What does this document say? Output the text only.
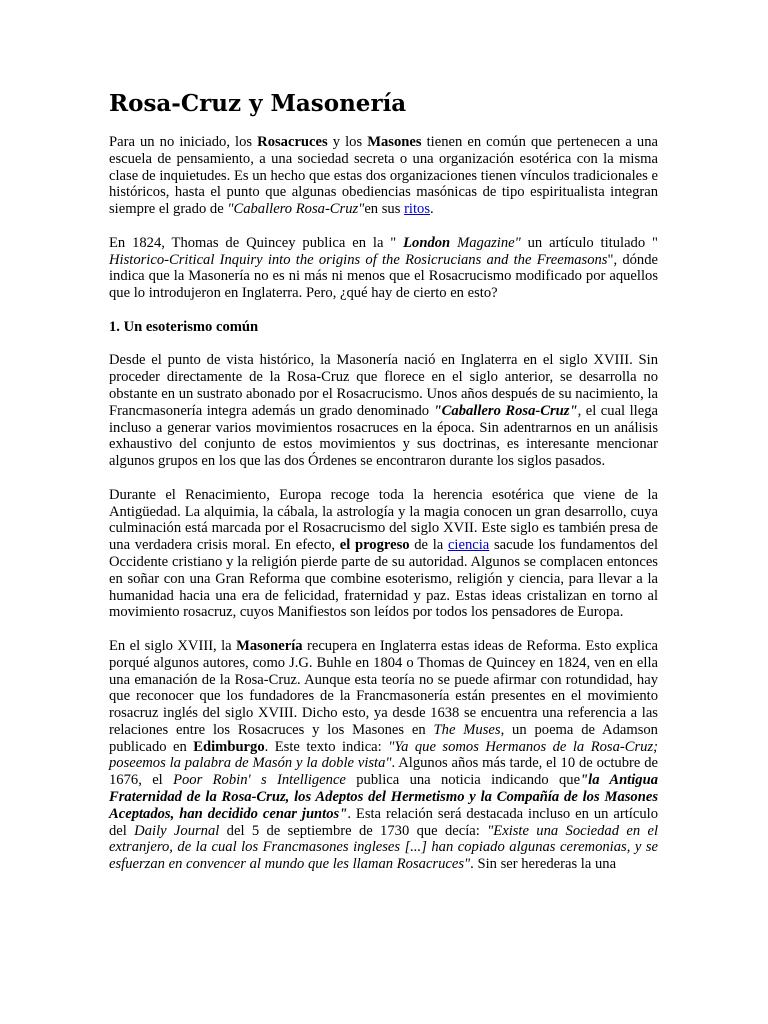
Rosa-Cruz y Masonería

Para un no iniciado, los Rosacruces y los Masones tienen en común que pertenecen a una escuela de pensamiento, a una sociedad secreta o una organización esotérica con la misma clase de inquietudes. Es un hecho que estas dos organizaciones tienen vínculos tradicionales e históricos, hasta el punto que algunas obediencias masónicas de tipo espiritualista integran siempre el grado de "Caballero Rosa-Cruz"en sus ritos.

En 1824, Thomas de Quincey publica en la " London Magazine" un artículo titulado " Historico-Critical Inquiry into the origins of the Rosicrucians and the Freemasons", dónde indica que la Masonería no es ni más ni menos que el Rosacrucismo modificado por aquellos que lo introdujeron en Inglaterra. Pero, ¿qué hay de cierto en esto?

1. Un esoterismo común

Desde el punto de vista histórico, la Masonería nació en Inglaterra en el siglo XVIII. Sin proceder directamente de la Rosa-Cruz que florece en el siglo anterior, se desarrolla no obstante en un sustrato abonado por el Rosacrucismo. Unos años después de su nacimiento, la Francmasonería integra además un grado denominado "Caballero Rosa-Cruz", el cual llega incluso a generar varios movimientos rosacruces en la época. Sin adentrarnos en un análisis exhaustivo del conjunto de estos movimientos y sus doctrinas, es interesante mencionar algunos grupos en los que las dos Órdenes se encontraron durante los siglos pasados.

Durante el Renacimiento, Europa recoge toda la herencia esotérica que viene de la Antigüedad. La alquimia, la cábala, la astrología y la magia conocen un gran desarrollo, cuya culminación está marcada por el Rosacrucismo del siglo XVII. Este siglo es también presa de una verdadera crisis moral. En efecto, el progreso de la ciencia sacude los fundamentos del Occidente cristiano y la religión pierde parte de su autoridad. Algunos se complacen entonces en soñar con una Gran Reforma que combine esoterismo, religión y ciencia, para llevar a la humanidad hacia una era de felicidad, fraternidad y paz. Estas ideas cristalizan en torno al movimiento rosacruz, cuyos Manifiestos son leídos por todos los pensadores de Europa.

En el siglo XVIII, la Masonería recupera en Inglaterra estas ideas de Reforma. Esto explica porqué algunos autores, como J.G. Buhle en 1804 o Thomas de Quincey en 1824, ven en ella una emanación de la Rosa-Cruz. Aunque esta teoría no se puede afirmar con rotundidad, hay que reconocer que los fundadores de la Francmasonería están presentes en el movimiento rosacruz inglés del siglo XVIII. Dicho esto, ya desde 1638 se encuentra una referencia a las relaciones entre los Rosacruces y los Masones en The Muses, un poema de Adamson publicado en Edimburgo. Este texto indica: "Ya que somos Hermanos de la Rosa-Cruz; poseemos la palabra de Masón y la doble vista". Algunos años más tarde, el 10 de octubre de 1676, el Poor Robin' s Intelligence publica una noticia indicando que"la Antigua Fraternidad de la Rosa-Cruz, los Adeptos del Hermetismo y la Compañía de los Masones Aceptados, han decidido cenar juntos". Esta relación será destacada incluso en un artículo del Daily Journal del 5 de septiembre de 1730 que decía: "Existe una Sociedad en el extranjero, de la cual los Francmasones ingleses [...] han copiado algunas ceremonias, y se esfuerzan en convencer al mundo que les llaman Rosacruces". Sin ser herederas la una
